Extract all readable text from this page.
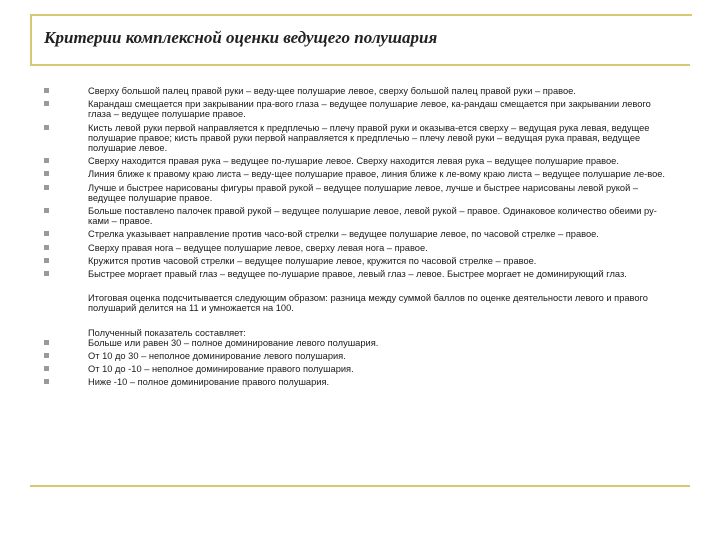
Критерии комплексной оценки ведущего полушария
Сверху большой палец правой руки – веду-щее полушарие левое, сверху большой палец правой руки – правое.
Карандаш смещается при закрывании пра-вого глаза – ведущее полушарие левое, ка-рандаш смещается при закрывании левого глаза – ведущее полушарие правое.
Кисть левой руки первой направляется к предплечью – плечу правой руки и оказыва-ется сверху – ведущая рука левая, ведущее полушарие правое; кисть правой руки первой направляется к предплечью – плечу левой руки – ведущая рука правая, ведущее полушарие левое.
Сверху находится правая рука – ведущее по-лушарие левое. Сверху находится левая рука – ведущее полушарие правое.
Линия ближе к правому краю листа – веду-щее полушарие правое, линия ближе к ле-вому краю листа – ведущее полушарие ле-вое.
Лучше и быстрее нарисованы фигуры правой рукой – ведущее полушарие левое, лучше и быстрее нарисованы левой рукой – ведущее полушарие правое.
Больше поставлено палочек правой рукой – ведущее полушарие левое, левой рукой – правое. Одинаковое количество обеими ру-ками – правое.
Стрелка указывает направление против часо-вой стрелки – ведущее полушарие левое, по часовой стрелке – правое.
Сверху правая нога – ведущее полушарие левое, сверху левая нога – правое.
Кружится против часовой стрелки – ведущее полушарие левое, кружится по часовой стрелке – правое.
Быстрее моргает правый глаз – ведущее по-лушарие правое, левый глаз – левое. Быстрее моргает не доминирующий глаз.

Итоговая оценка подсчитывается следующим образом: разница между суммой баллов по оценке деятельности левого и правого полушарий делится на 11 и умножается на 100.

Полученный показатель составляет:

Больше или равен 30 – полное доминирование левого полушария.
От 10 до 30 – неполное доминирование левого полушария.
От 10 до -10 – неполное доминирование правого полушария.
Ниже -10 – полное доминирование правого полушария.
